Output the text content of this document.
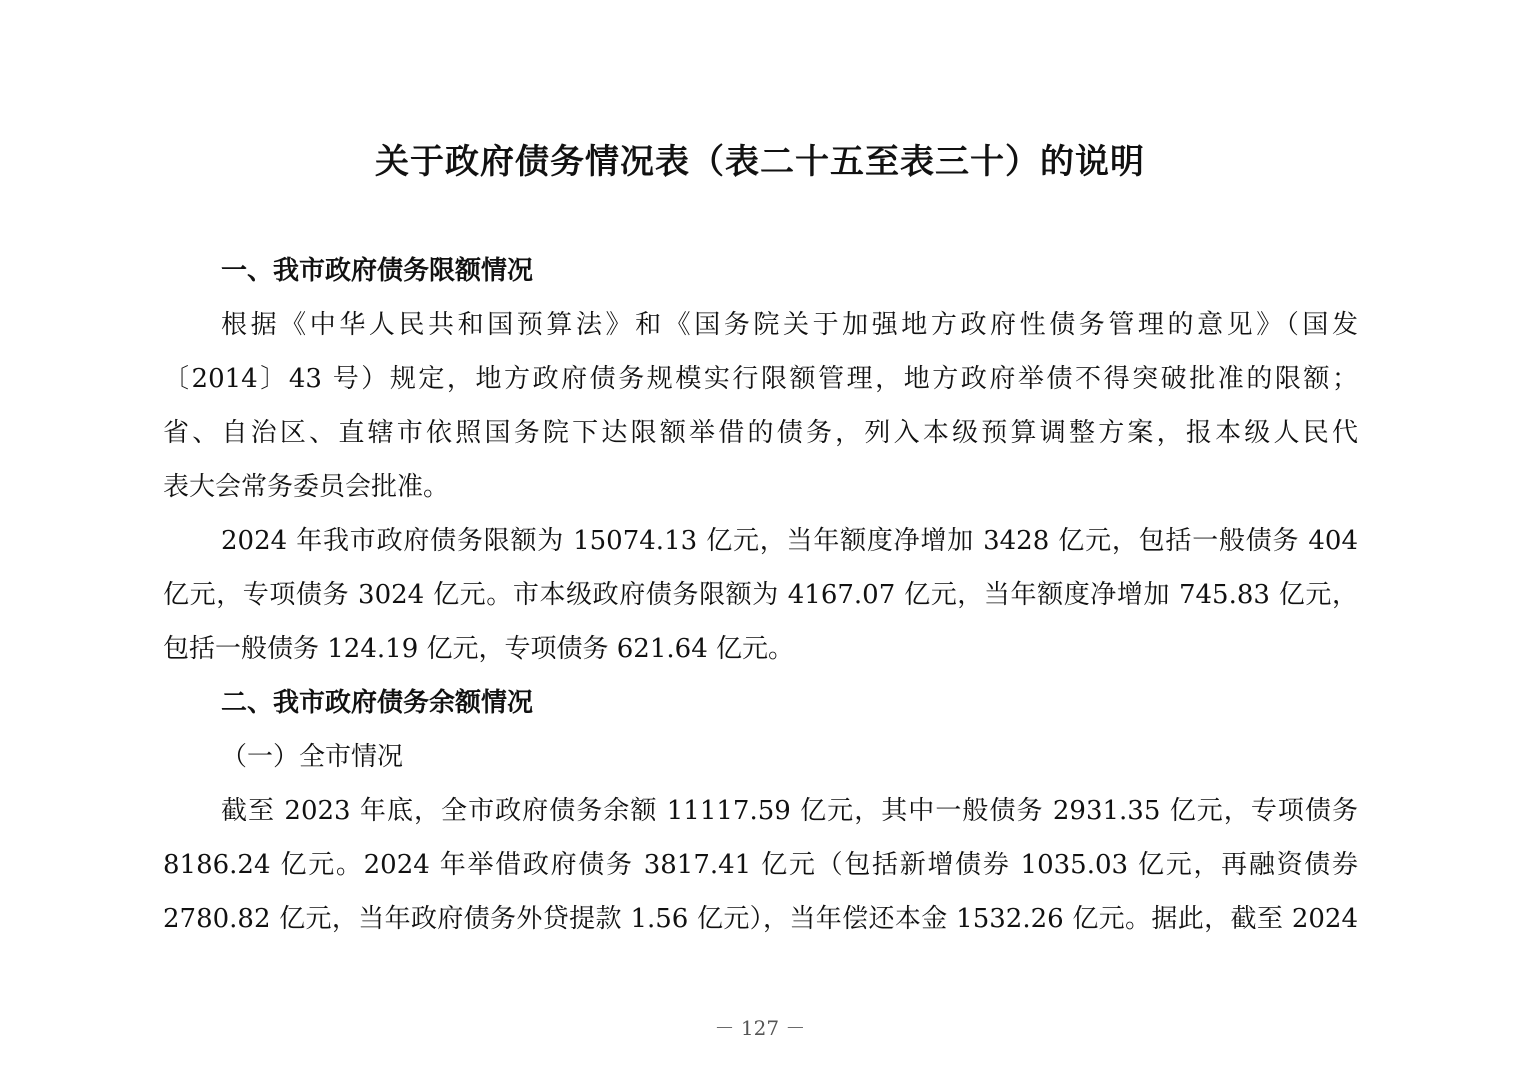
关于政府债务情况表（表二十五至表三十）的说明

一、我市政府债务限额情况

根据《中华人民共和国预算法》和《国务院关于加强地方政府性债务管理的意见》（国发
〔2014〕43 号）规定，地方政府债务规模实行限额管理，地方政府举债不得突破批准的限额；
省、自治区、直辖市依照国务院下达限额举借的债务，列入本级预算调整方案，报本级人民代
表大会常务委员会批准。
2024 年我市政府债务限额为 15074.13 亿元，当年额度净增加 3428 亿元，包括一般债务 404
亿元，专项债务 3024 亿元。市本级政府债务限额为 4167.07 亿元，当年额度净增加 745.83 亿元，
包括一般债务 124.19 亿元，专项债务 621.64 亿元。

二、我市政府债务余额情况

（一）全市情况

截至 2023 年底，全市政府债务余额 11117.59 亿元，其中一般债务 2931.35 亿元，专项债务
8186.24 亿元。2024 年举借政府债务 3817.41 亿元（包括新增债券 1035.03 亿元，再融资债券
2780.82 亿元，当年政府债务外贷提款 1.56 亿元），当年偿还本金 1532.26 亿元。据此，截至 2024
－ 127 －
